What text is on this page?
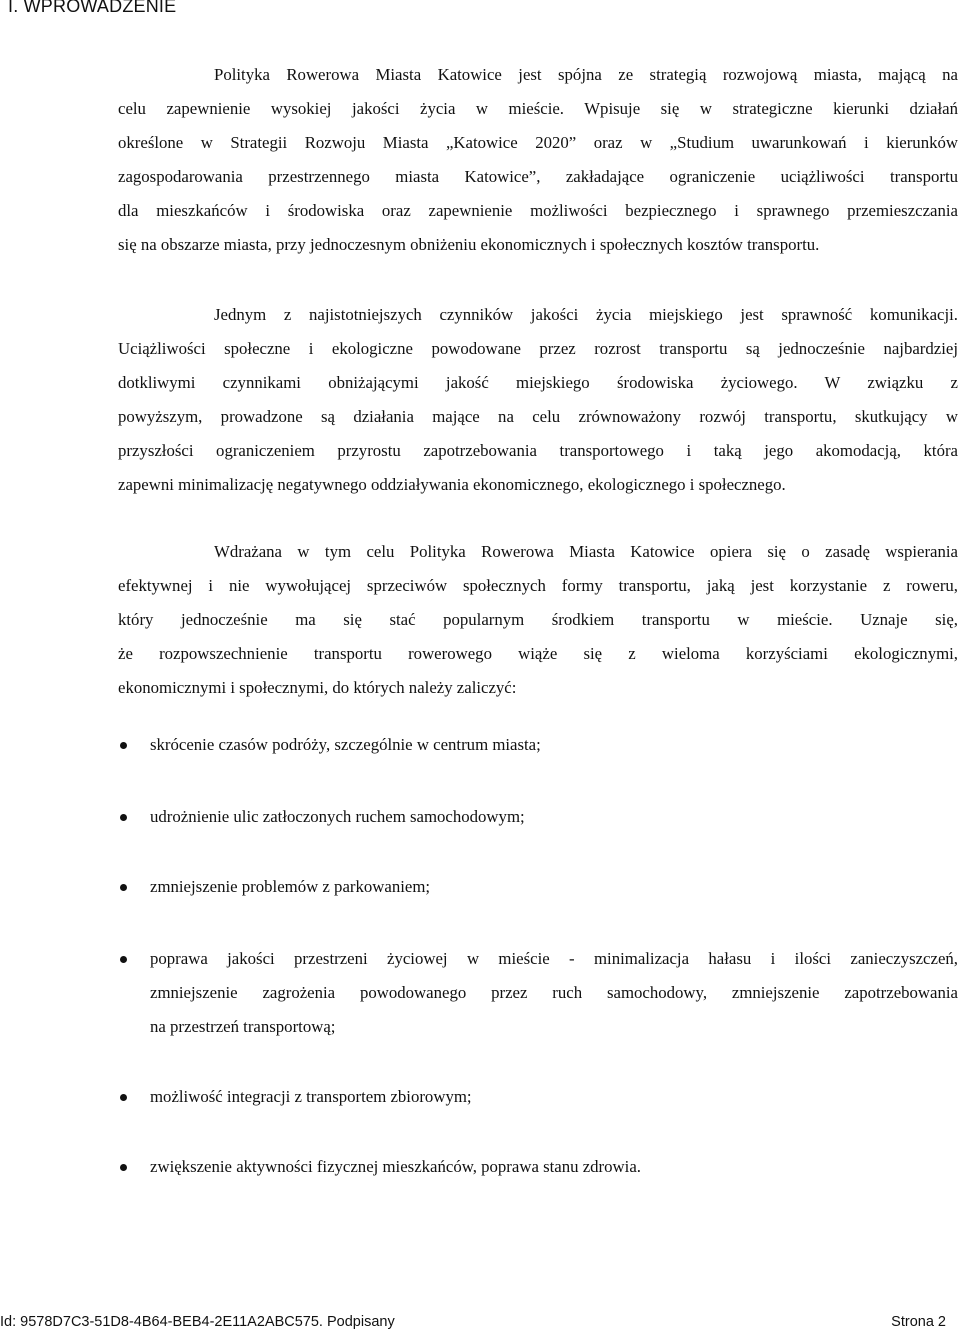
I. WPROWADZENIE
Polityka Rowerowa Miasta Katowice jest spójna ze strategią rozwojową miasta, mającą na
celu zapewnienie wysokiej jakości życia w mieście. Wpisuje się w strategiczne kierunki działań
określone w Strategii Rozwoju Miasta „Katowice 2020” oraz w „Studium uwarunkowań i kierunków
zagospodarowania przestrzennego miasta Katowice”, zakładające ograniczenie uciążliwości transportu
dla mieszkańców i środowiska oraz zapewnienie możliwości bezpiecznego i sprawnego przemieszczania
się na obszarze miasta, przy jednoczesnym obniżeniu ekonomicznych i społecznych kosztów transportu.
Jednym z najistotniejszych czynników jakości życia miejskiego jest sprawność komunikacji.
Uciążliwości społeczne i ekologiczne powodowane przez rozrost transportu są jednocześnie najbardziej
dotkliwymi czynnikami obniżającymi jakość miejskiego środowiska życiowego. W związku z
powyższym, prowadzone są działania mające na celu zrównoważony rozwój transportu, skutkujący w
przyszłości ograniczeniem przyrostu zapotrzebowania transportowego i taką jego akomodacją, która
zapewni minimalizację negatywnego oddziaływania ekonomicznego, ekologicznego i społecznego.
Wdrażana w tym celu Polityka Rowerowa Miasta Katowice opiera się o zasadę wspierania
efektywnej i nie wywołującej sprzeciwów społecznych formy transportu, jaką jest korzystanie z roweru,
który jednocześnie ma się stać popularnym środkiem transportu w mieście. Uznaje się,
że rozpowszechnienie transportu rowerowego wiąże się z wieloma korzyściami ekologicznymi,
ekonomicznymi i społecznymi, do których należy zaliczyć:
skrócenie czasów podróży, szczególnie w centrum miasta;
udrożnienie ulic zatłoczonych ruchem samochodowym;
zmniejszenie problemów z parkowaniem;
poprawa jakości przestrzeni życiowej w mieście - minimalizacja hałasu i ilości zanieczyszczeń,
zmniejszenie zagrożenia powodowanego przez ruch samochodowy, zmniejszenie zapotrzebowania
na przestrzeń transportową;
możliwość integracji z transportem zbiorowym;
zwiększenie aktywności fizycznej mieszkańców, poprawa stanu zdrowia.
Id: 9578D7C3-51D8-4B64-BEB4-2E11A2ABC575. Podpisany	Strona 2
